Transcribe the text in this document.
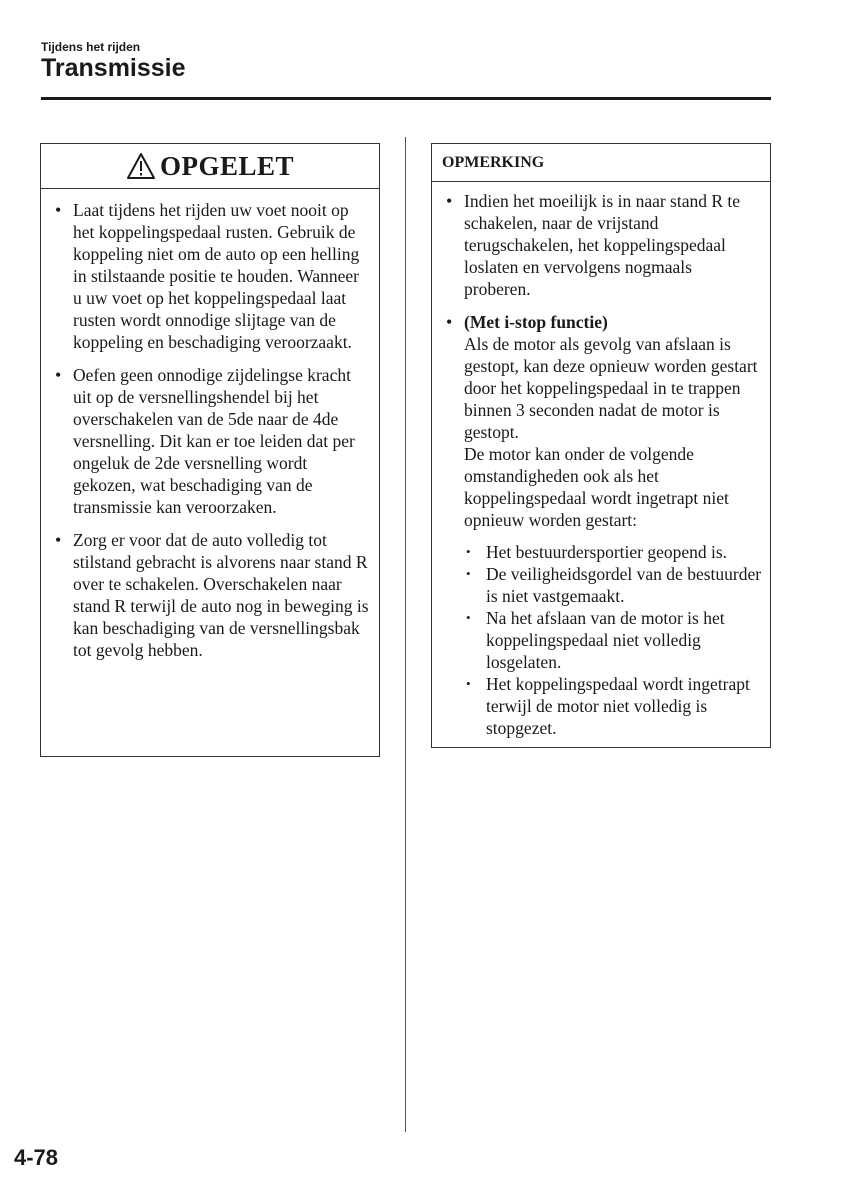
Tijdens het rijden
Transmissie
OPGELET
• Laat tijdens het rijden uw voet nooit op het koppelingspedaal rusten. Gebruik de koppeling niet om de auto op een helling in stilstaande positie te houden. Wanneer u uw voet op het koppelingspedaal laat rusten wordt onnodige slijtage van de koppeling en beschadiging veroorzaakt.
• Oefen geen onnodige zijdelingse kracht uit op de versnellingshendel bij het overschakelen van de 5de naar de 4de versnelling. Dit kan er toe leiden dat per ongeluk de 2de versnelling wordt gekozen, wat beschadiging van de transmissie kan veroorzaken.
• Zorg er voor dat de auto volledig tot stilstand gebracht is alvorens naar stand R over te schakelen. Overschakelen naar stand R terwijl de auto nog in beweging is kan beschadiging van de versnellingsbak tot gevolg hebben.
OPMERKING
• Indien het moeilijk is in naar stand R te schakelen, naar de vrijstand terugschakelen, het koppelingspedaal loslaten en vervolgens nogmaals proberen.
• (Met i-stop functie)
Als de motor als gevolg van afslaan is gestopt, kan deze opnieuw worden gestart door het koppelingspedaal in te trappen binnen 3 seconden nadat de motor is gestopt.
De motor kan onder de volgende omstandigheden ook als het koppelingspedaal wordt ingetrapt niet opnieuw worden gestart:
• Het bestuurdersportier geopend is.
• De veiligheidsgordel van de bestuurder is niet vastgemaakt.
• Na het afslaan van de motor is het koppelingspedaal niet volledig losgelaten.
• Het koppelingspedaal wordt ingetrapt terwijl de motor niet volledig is stopgezet.
4-78
